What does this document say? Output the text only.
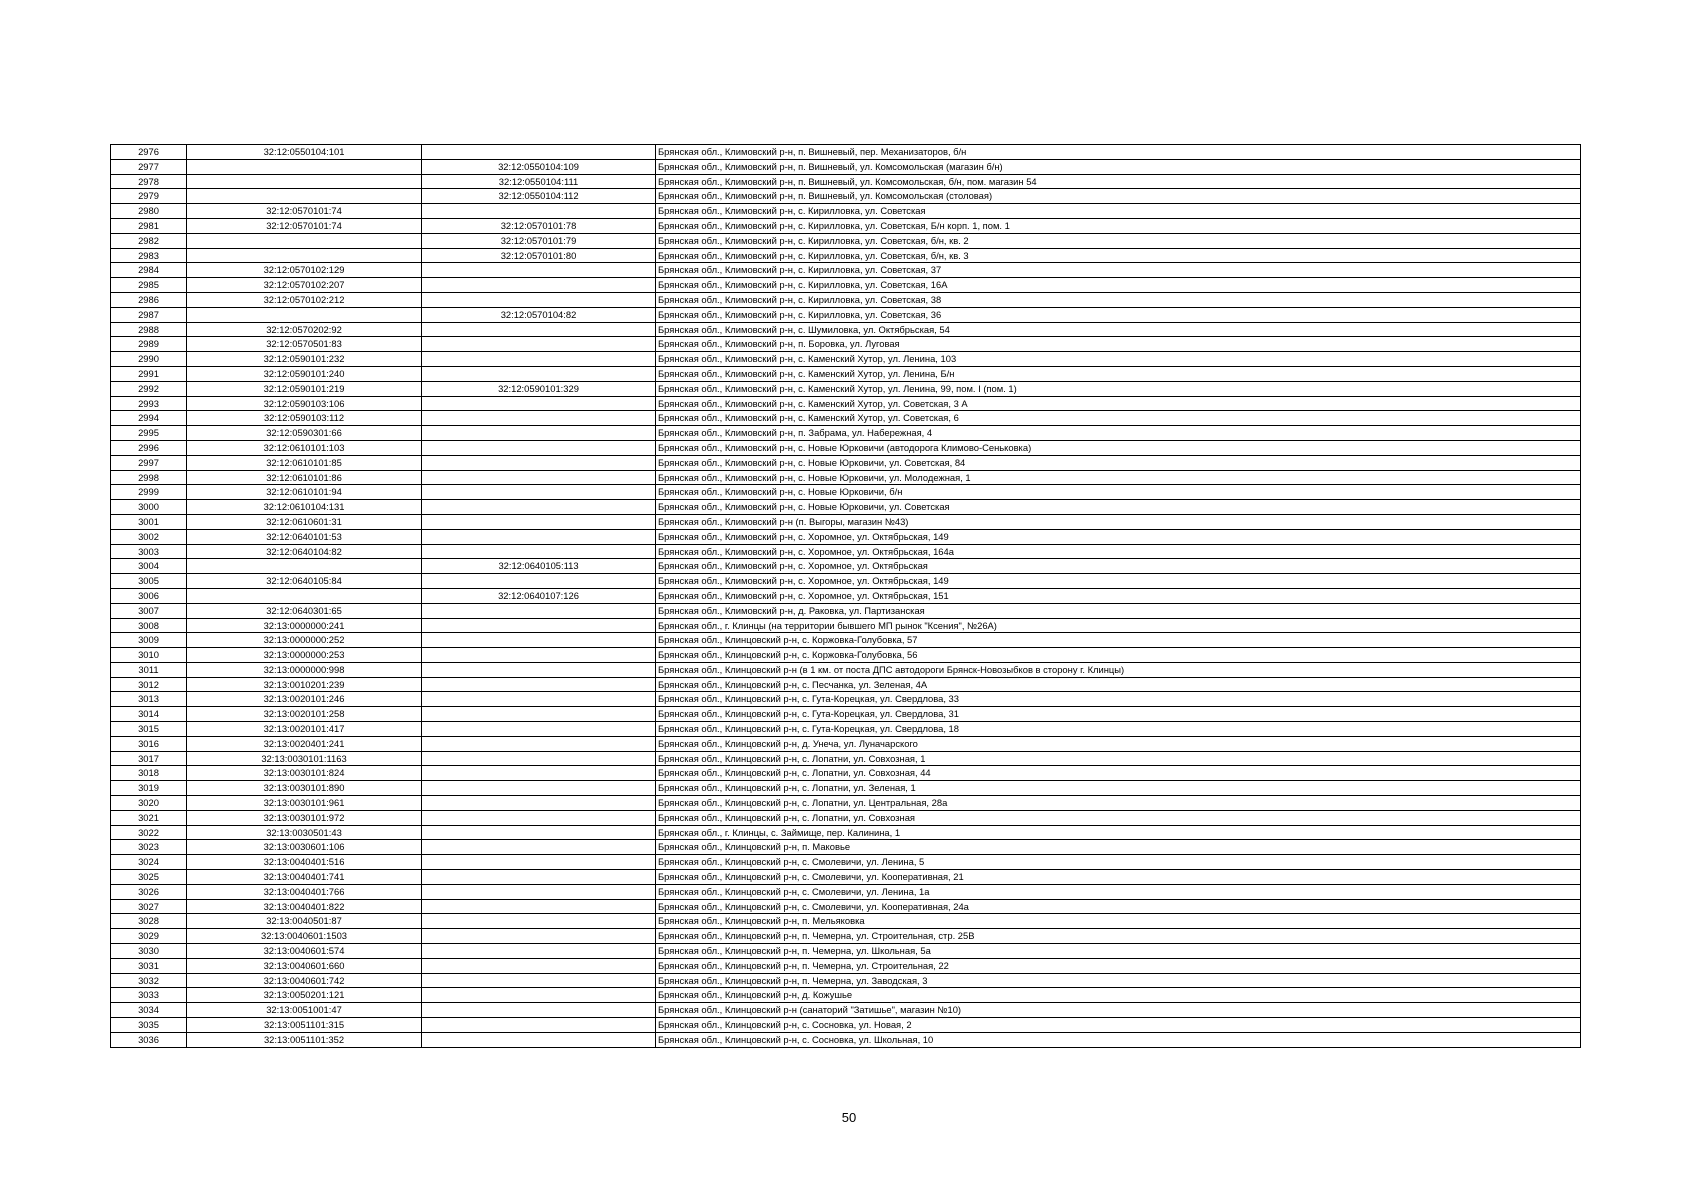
2976	32:12:0550104:101		Брянская обл., Климовский р-н, п. Вишневый, пер. Механизаторов, б/н
2977		32:12:0550104:109	Брянская обл., Климовский р-н, п. Вишневый, ул. Комсомольская (магазин б/н)
2978		32:12:0550104:111	Брянская обл., Климовский р-н, п. Вишневый, ул. Комсомольская, б/н, пом. магазин 54
2979		32:12:0550104:112	Брянская обл., Климовский р-н, п. Вишневый, ул. Комсомольская (столовая)
2980	32:12:0570101:74		Брянская обл., Климовский р-н, с. Кирилловка, ул. Советская
2981	32:12:0570101:74	32:12:0570101:78	Брянская обл., Климовский р-н, с. Кирилловка, ул. Советская, Б/н корп. 1, пом. 1
2982		32:12:0570101:79	Брянская обл., Климовский р-н, с. Кирилловка, ул. Советская, б/н, кв. 2
2983		32:12:0570101:80	Брянская обл., Климовский р-н, с. Кирилловка, ул. Советская, б/н, кв. 3
2984	32:12:0570102:129		Брянская обл., Климовский р-н, с. Кирилловка, ул. Советская, 37
2985	32:12:0570102:207		Брянская обл., Климовский р-н, с. Кирилловка, ул. Советская, 16А
2986	32:12:0570102:212		Брянская обл., Климовский р-н, с. Кирилловка, ул. Советская, 38
2987		32:12:0570104:82	Брянская обл., Климовский р-н, с. Кирилловка, ул. Советская, 36
2988	32:12:0570202:92		Брянская обл., Климовский р-н, с. Шумиловка, ул. Октябрьская, 54
2989	32:12:0570501:83		Брянская обл., Климовский р-н, п. Боровка, ул. Луговая
2990	32:12:0590101:232		Брянская обл., Климовский р-н, с. Каменский Хутор, ул. Ленина, 103
2991	32:12:0590101:240		Брянская обл., Климовский р-н, с. Каменский Хутор, ул. Ленина, Б/н
2992	32:12:0590101:219	32:12:0590101:329	Брянская обл., Климовский р-н, с. Каменский Хутор, ул. Ленина, 99, пом. I (пом. 1)
2993	32:12:0590103:106		Брянская обл., Климовский р-н, с. Каменский Хутор, ул. Советская, 3 А
2994	32:12:0590103:112		Брянская обл., Климовский р-н, с. Каменский Хутор, ул. Советская, 6
2995	32:12:0590301:66		Брянская обл., Климовский р-н, п. Забрама, ул. Набережная, 4
2996	32:12:0610101:103		Брянская обл., Климовский р-н, с. Новые Юрковичи (автодорога Климово-Сеньковка)
2997	32:12:0610101:85		Брянская обл., Климовский р-н, с. Новые Юрковичи, ул. Советская, 84
2998	32:12:0610101:86		Брянская обл., Климовский р-н, с. Новые Юрковичи, ул. Молодежная, 1
2999	32:12:0610101:94		Брянская обл., Климовский р-н, с. Новые Юрковичи, б/н
3000	32:12:0610104:131		Брянская обл., Климовский р-н, с. Новые Юрковичи, ул. Советская
3001	32:12:0610601:31		Брянская обл., Климовский р-н (п. Выгоры, магазин №43)
3002	32:12:0640101:53		Брянская обл., Климовский р-н, с. Хоромное, ул. Октябрьская, 149
3003	32:12:0640104:82		Брянская обл., Климовский р-н, с. Хоромное, ул. Октябрьская, 164а
3004		32:12:0640105:113	Брянская обл., Климовский р-н, с. Хоромное, ул. Октябрьская
3005	32:12:0640105:84		Брянская обл., Климовский р-н, с. Хоромное, ул. Октябрьская, 149
3006		32:12:0640107:126	Брянская обл., Климовский р-н, с. Хоромное, ул. Октябрьская, 151
3007	32:12:0640301:65		Брянская обл., Климовский р-н, д. Раковка, ул. Партизанская
3008	32:13:0000000:241		Брянская обл., г. Клинцы (на территории бывшего МП рынок "Ксения", №26А)
3009	32:13:0000000:252		Брянская обл., Клинцовский р-н, с. Коржовка-Голубовка, 57
3010	32:13:0000000:253		Брянская обл., Клинцовский р-н, с. Коржовка-Голубовка, 56
3011	32:13:0000000:998		Брянская обл., Клинцовский р-н (в 1 км. от поста ДПС автодороги Брянск-Новозыбков в сторону г. Клинцы)
3012	32:13:0010201:239		Брянская обл., Клинцовский р-н, с. Песчанка, ул. Зеленая, 4А
3013	32:13:0020101:246		Брянская обл., Клинцовский р-н, с. Гута-Корецкая, ул. Свердлова, 33
3014	32:13:0020101:258		Брянская обл., Клинцовский р-н, с. Гута-Корецкая, ул. Свердлова, 31
3015	32:13:0020101:417		Брянская обл., Клинцовский р-н, с. Гута-Корецкая, ул. Свердлова, 18
3016	32:13:0020401:241		Брянская обл., Клинцовский р-н, д. Унеча, ул. Луначарского
3017	32:13:0030101:1163		Брянская обл., Клинцовский р-н, с. Лопатни, ул. Совхозная, 1
3018	32:13:0030101:824		Брянская обл., Клинцовский р-н, с. Лопатни, ул. Совхозная, 44
3019	32:13:0030101:890		Брянская обл., Клинцовский р-н, с. Лопатни, ул. Зеленая, 1
3020	32:13:0030101:961		Брянская обл., Клинцовский р-н, с. Лопатни, ул. Центральная, 28а
3021	32:13:0030101:972		Брянская обл., Клинцовский р-н, с. Лопатни, ул. Совхозная
3022	32:13:0030501:43		Брянская обл., г. Клинцы, с. Займище, пер. Калинина, 1
3023	32:13:0030601:106		Брянская обл., Клинцовский р-н, п. Маковье
3024	32:13:0040401:516		Брянская обл., Клинцовский р-н, с. Смолевичи, ул. Ленина, 5
3025	32:13:0040401:741		Брянская обл., Клинцовский р-н, с. Смолевичи, ул. Кооперативная, 21
3026	32:13:0040401:766		Брянская обл., Клинцовский р-н, с. Смолевичи, ул. Ленина, 1а
3027	32:13:0040401:822		Брянская обл., Клинцовский р-н, с. Смолевичи, ул. Кооперативная, 24а
3028	32:13:0040501:87		Брянская обл., Клинцовский р-н, п. Мельяковка
3029	32:13:0040601:1503		Брянская обл., Клинцовский р-н, п. Чемерна, ул. Строительная, стр. 25В
3030	32:13:0040601:574		Брянская обл., Клинцовский р-н, п. Чемерна, ул. Школьная, 5а
3031	32:13:0040601:660		Брянская обл., Клинцовский р-н, п. Чемерна, ул. Строительная, 22
3032	32:13:0040601:742		Брянская обл., Клинцовский р-н, п. Чемерна, ул. Заводская, 3
3033	32:13:0050201:121		Брянская обл., Клинцовский р-н, д. Кожушье
3034	32:13:0051001:47		Брянская обл., Клинцовский р-н (санаторий "Затишье", магазин №10)
3035	32:13:0051101:315		Брянская обл., Клинцовский р-н, с. Сосновка, ул. Новая, 2
3036	32:13:0051101:352		Брянская обл., Клинцовский р-н, с. Сосновка, ул. Школьная, 10
50
